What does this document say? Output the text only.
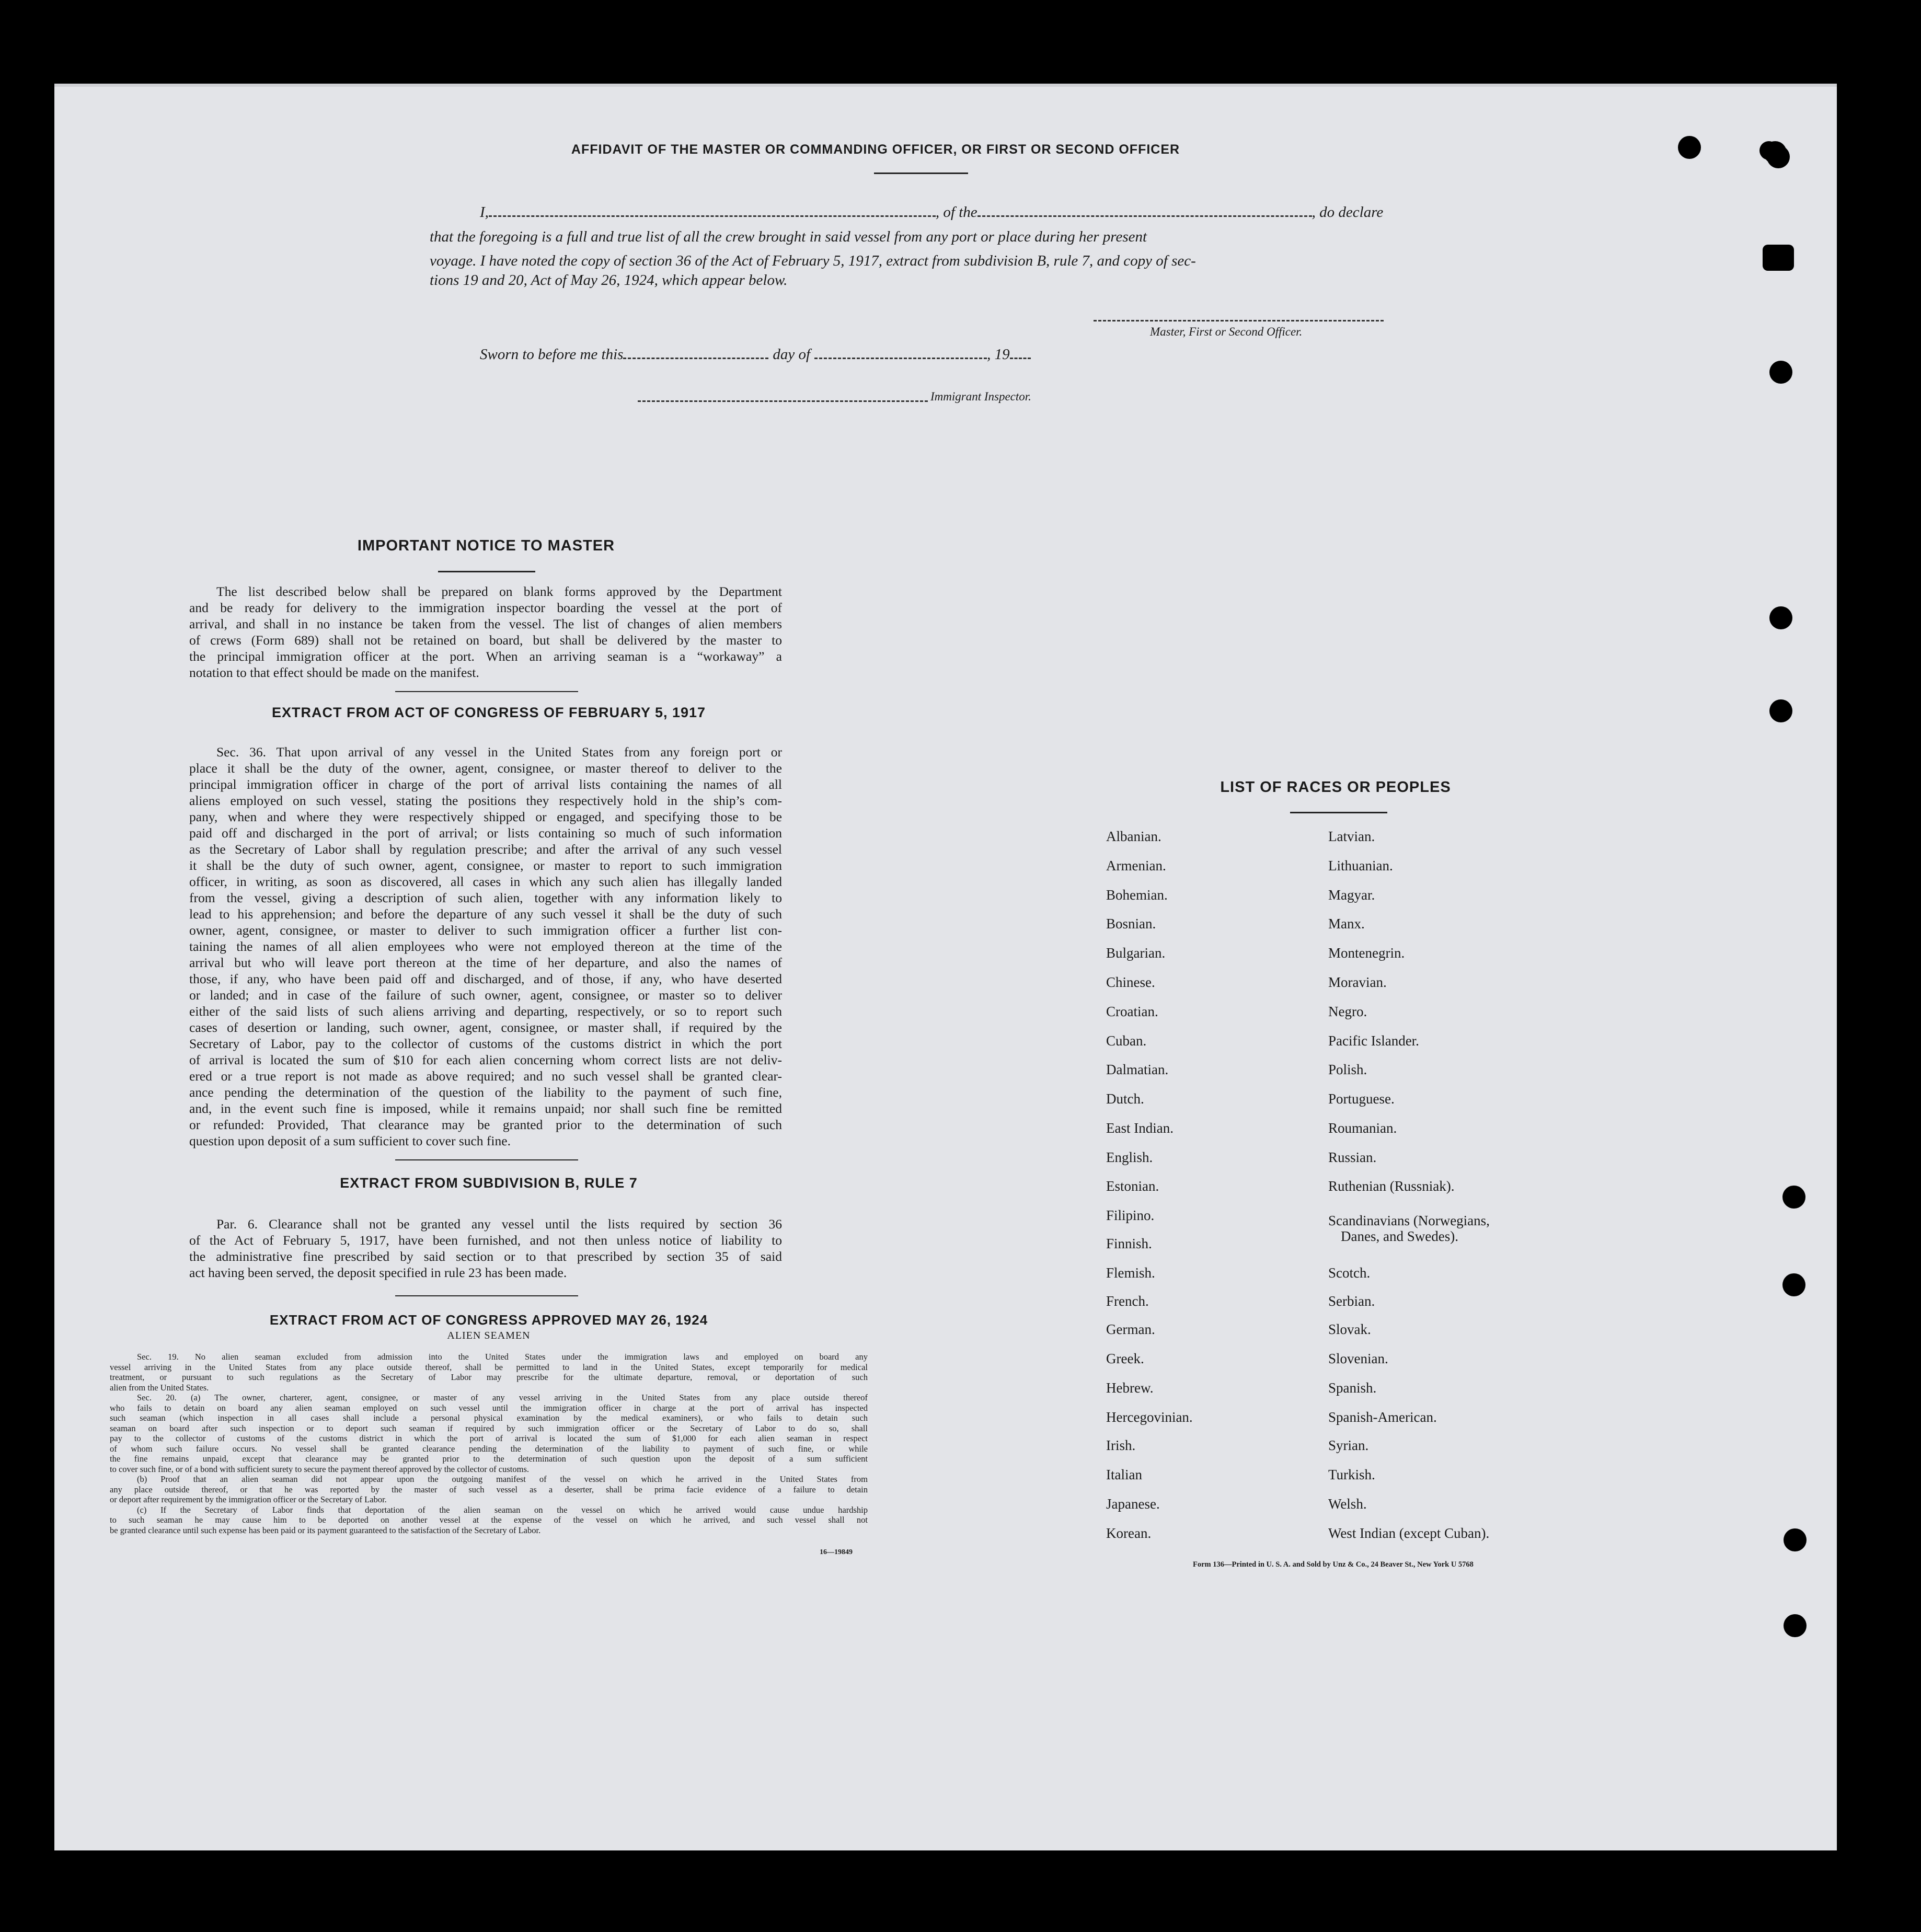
AFFIDAVIT OF THE MASTER OR COMMANDING OFFICER, OR FIRST OR SECOND OFFICER
I,	, of the	, do declare
that the foregoing is a full and true list of all the crew brought in said vessel from any port or place during her present
voyage. I have noted the copy of section 36 of the Act of February 5, 1917, extract from subdivision B, rule 7, and copy of sec-
tions 19 and 20, Act of May 26, 1924, which appear below.
Master, First or Second Officer.
Sworn to before me this	day of	, 19
Immigrant Inspector.
IMPORTANT NOTICE TO MASTER
The list described below shall be prepared on blank forms approved by the Department
and be ready for delivery to the immigration inspector boarding the vessel at the port of
arrival, and shall in no instance be taken from the vessel. The list of changes of alien members
of crews (Form 689) shall not be retained on board, but shall be delivered by the master to
the principal immigration officer at the port. When an arriving seaman is a “workaway” a
notation to that effect should be made on the manifest.
EXTRACT FROM ACT OF CONGRESS OF FEBRUARY 5, 1917
Sec. 36. That upon arrival of any vessel in the United States from any foreign port or
place it shall be the duty of the owner, agent, consignee, or master thereof to deliver to the
principal immigration officer in charge of the port of arrival lists containing the names of all
aliens employed on such vessel, stating the positions they respectively hold in the ship’s com-
pany, when and where they were respectively shipped or engaged, and specifying those to be
paid off and discharged in the port of arrival; or lists containing so much of such information
as the Secretary of Labor shall by regulation prescribe; and after the arrival of any such vessel
it shall be the duty of such owner, agent, consignee, or master to report to such immigration
officer, in writing, as soon as discovered, all cases in which any such alien has illegally landed
from the vessel, giving a description of such alien, together with any information likely to
lead to his apprehension; and before the departure of any such vessel it shall be the duty of such
owner, agent, consignee, or master to deliver to such immigration officer a further list con-
taining the names of all alien employees who were not employed thereon at the time of the
arrival but who will leave port thereon at the time of her departure, and also the names of
those, if any, who have been paid off and discharged, and of those, if any, who have deserted
or landed; and in case of the failure of such owner, agent, consignee, or master so to deliver
either of the said lists of such aliens arriving and departing, respectively, or so to report such
cases of desertion or landing, such owner, agent, consignee, or master shall, if required by the
Secretary of Labor, pay to the collector of customs of the customs district in which the port
of arrival is located the sum of $10 for each alien concerning whom correct lists are not deliv-
ered or a true report is not made as above required; and no such vessel shall be granted clear-
ance pending the determination of the question of the liability to the payment of such fine,
and, in the event such fine is imposed, while it remains unpaid; nor shall such fine be remitted
or refunded: Provided, That clearance may be granted prior to the determination of such
question upon deposit of a sum sufficient to cover such fine.
EXTRACT FROM SUBDIVISION B, RULE 7
Par. 6. Clearance shall not be granted any vessel until the lists required by section 36
of the Act of February 5, 1917, have been furnished, and not then unless notice of liability to
the administrative fine prescribed by said section or to that prescribed by section 35 of said
act having been served, the deposit specified in rule 23 has been made.
EXTRACT FROM ACT OF CONGRESS APPROVED MAY 26, 1924
ALIEN SEAMEN
Sec. 19. No alien seaman excluded from admission into the United States under the immigration laws and employed on board any
vessel arriving in the United States from any place outside thereof, shall be permitted to land in the United States, except temporarily for medical
treatment, or pursuant to such regulations as the Secretary of Labor may prescribe for the ultimate departure, removal, or deportation of such
alien from the United States.
Sec. 20. (a) The owner, charterer, agent, consignee, or master of any vessel arriving in the United States from any place outside thereof
who fails to detain on board any alien seaman employed on such vessel until the immigration officer in charge at the port of arrival has inspected
such seaman (which inspection in all cases shall include a personal physical examination by the medical examiners), or who fails to detain such
seaman on board after such inspection or to deport such seaman if required by such immigration officer or the Secretary of Labor to do so, shall
pay to the collector of customs of the customs district in which the port of arrival is located the sum of $1,000 for each alien seaman in respect
of whom such failure occurs. No vessel shall be granted clearance pending the determination of the liability to payment of such fine, or while
the fine remains unpaid, except that clearance may be granted prior to the determination of such question upon the deposit of a sum sufficient
to cover such fine, or of a bond with sufficient surety to secure the payment thereof approved by the collector of customs.
(b) Proof that an alien seaman did not appear upon the outgoing manifest of the vessel on which he arrived in the United States from
any place outside thereof, or that he was reported by the master of such vessel as a deserter, shall be prima facie evidence of a failure to detain
or deport after requirement by the immigration officer or the Secretary of Labor.
(c) If the Secretary of Labor finds that deportation of the alien seaman on the vessel on which he arrived would cause undue hardship
to such seaman he may cause him to be deported on another vessel at the expense of the vessel on which he arrived, and such vessel shall not
be granted clearance until such expense has been paid or its payment guaranteed to the satisfaction of the Secretary of Labor.
16—19849
LIST OF RACES OR PEOPLES
Albanian.
Armenian.
Bohemian.
Bosnian.
Bulgarian.
Chinese.
Croatian.
Cuban.
Dalmatian.
Dutch.
East Indian.
English.
Estonian.
Filipino.
Finnish.
Flemish.
French.
German.
Greek.
Hebrew.
Hercegovinian.
Irish.
Italian
Japanese.
Korean.
Latvian.
Lithuanian.
Magyar.
Manx.
Montenegrin.
Moravian.
Negro.
Pacific Islander.
Polish.
Portuguese.
Roumanian.
Russian.
Ruthenian (Russniak).
Scandinavians (Norwegians,
Danes, and Swedes).
Scotch.
Serbian.
Slovak.
Slovenian.
Spanish.
Spanish-American.
Syrian.
Turkish.
Welsh.
West Indian (except Cuban).
Form 136—Printed in U. S. A. and Sold by Unz & Co., 24 Beaver St., New York U 5768
